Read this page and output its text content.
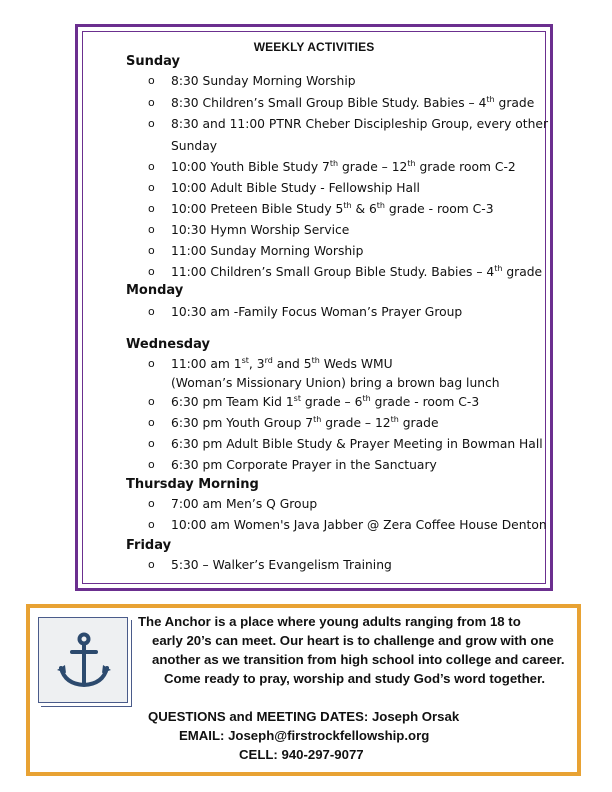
WEEKLY ACTIVITIES
Sunday
o 8:30 Sunday Morning Worship
o 8:30 Children’s Small Group Bible Study. Babies – 4th grade
o 8:30 and 11:00 PTNR Cheber Discipleship Group, every other
Sunday
o 10:00 Youth Bible Study 7th grade – 12th grade room C-2
o 10:00 Adult Bible Study - Fellowship Hall
o 10:00 Preteen Bible Study 5th & 6th grade - room C-3
o 10:30 Hymn Worship Service
o 11:00 Sunday Morning Worship
o 11:00 Children’s Small Group Bible Study. Babies – 4th grade
Monday
o 10:30 am -Family Focus Woman’s Prayer Group
Wednesday
o 11:00 am 1st, 3rd and 5th Weds WMU
(Woman’s Missionary Union) bring a brown bag lunch
o 6:30 pm Team Kid 1st grade – 6th grade - room C-3
o 6:30 pm Youth Group 7th grade – 12th grade
o 6:30 pm Adult Bible Study & Prayer Meeting in Bowman Hall
o 6:30 pm Corporate Prayer in the Sanctuary
Thursday Morning
o 7:00 am Men’s Q Group
o 10:00 am Women's Java Jabber @ Zera Coffee House Denton
Friday
o 5:30 – Walker’s Evangelism Training
The Anchor is a place where young adults ranging from 18 to
early 20’s can meet. Our heart is to challenge and grow with one
another as we transition from high school into college and career.
Come ready to pray, worship and study God’s word together.
QUESTIONS and MEETING DATES: Joseph Orsak
EMAIL: Joseph@firstrockfellowship.org
CELL: 940-297-9077
